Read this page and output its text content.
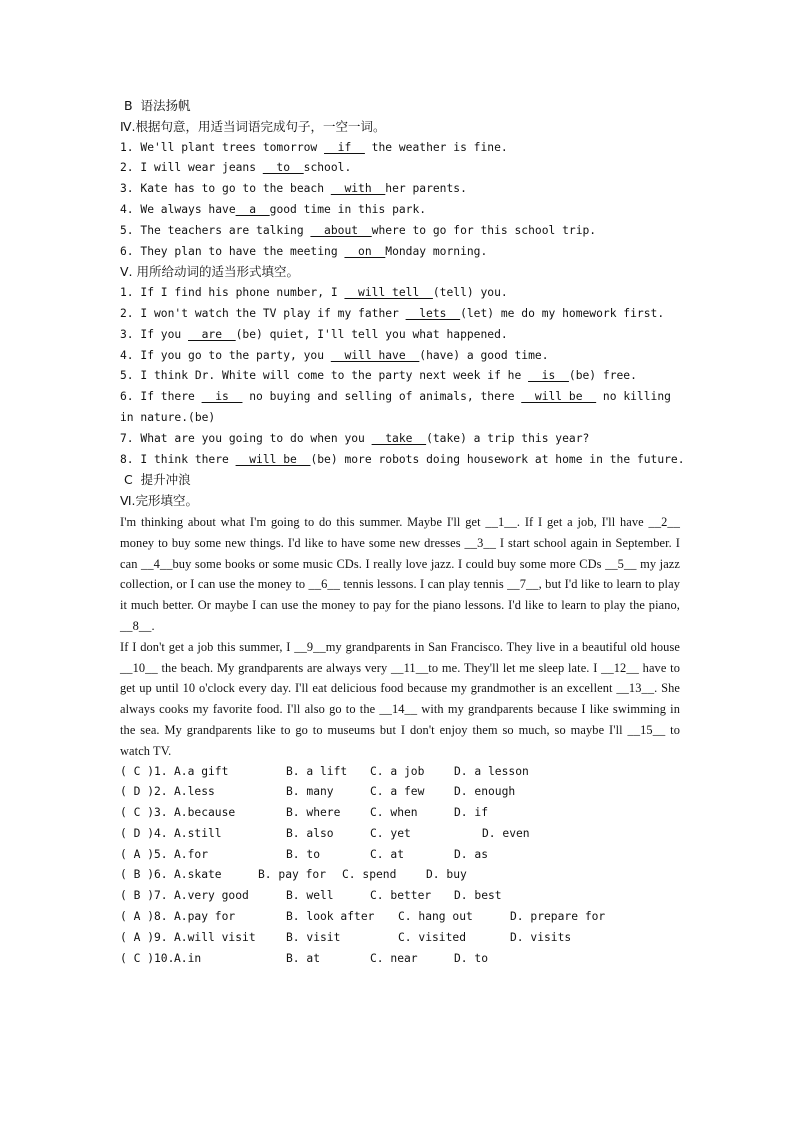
B  语法扬帆
Ⅳ.根据句意，用适当词语完成句子，一空一词。
1. We'll plant trees tomorrow __if__ the weather is fine.
2. I will wear jeans __to__school.
3. Kate has to go to the beach __with__her parents.
4. We always have__a__good time in this park.
5. The teachers are talking __about__where to go for this school trip.
6. They plan to have the meeting __on__Monday morning.
Ⅴ. 用所给动词的适当形式填空。
1. If I find his phone number, I __will tell__(tell) you.
2. I won't watch the TV play if my father __lets__(let) me do my homework first.
3. If you __are__(be) quiet, I'll tell you what happened.
4. If you go to the party, you __will have__(have) a good time.
5. I think Dr. White will come to the party next week if he __is__(be) free.
6. If there __is__ no buying and selling of animals, there __will be__ no killing in nature.(be)
7. What are you going to do when you __take__(take) a trip this year?
8. I think there __will be__(be) more robots doing housework at home in the future.
C  提升冲浪
Ⅵ.完形填空。
I'm thinking about what I'm going to do this summer. Maybe I'll get __1__. If I get a job, I'll have __2__ money to buy some new things. I'd like to have some new dresses __3__ I start school again in September. I can __4__buy some books or some music CDs. I really love jazz. I could buy some more CDs __5__ my jazz collection, or I can use the money to __6__ tennis lessons. I can play tennis __7__, but I'd like to learn to play it much better. Or maybe I can use the money to pay for the piano lessons. I'd like to learn to play the piano, __8__.
If I don't get a job this summer, I __9__my grandparents in San Francisco. They live in a beautiful old house __10__ the beach. My grandparents are always very __11__to me. They'll let me sleep late. I __12__ have to get up until 10 o'clock every day. I'll eat delicious food because my grandmother is an excellent __13__. She always cooks my favorite food. I'll also go to the __14__ with my grandparents because I like swimming in the sea. My grandparents like to go to museums but I don't enjoy them so much, so maybe I'll __15__ to watch TV.
( C )1. A.a gift	B. a lift	C. a job	D. a lesson
( D )2. A.less	B. many	C. a few	D. enough
( C )3. A.because	B. where	C. when	D. if
( D )4. A.still	B. also	C. yet	D. even
( A )5. A.for	B. to	C. at	D. as
( B )6. A.skate	B. pay for	C. spend	D. buy
( B )7. A.very good	B. well	C. better	D. best
( A )8. A.pay for	B. look after	C. hang out	D. prepare for
( A )9. A.will visit	B. visit	C. visited	D. visits
( C )10. A.in	B. at	C. near	D. to
